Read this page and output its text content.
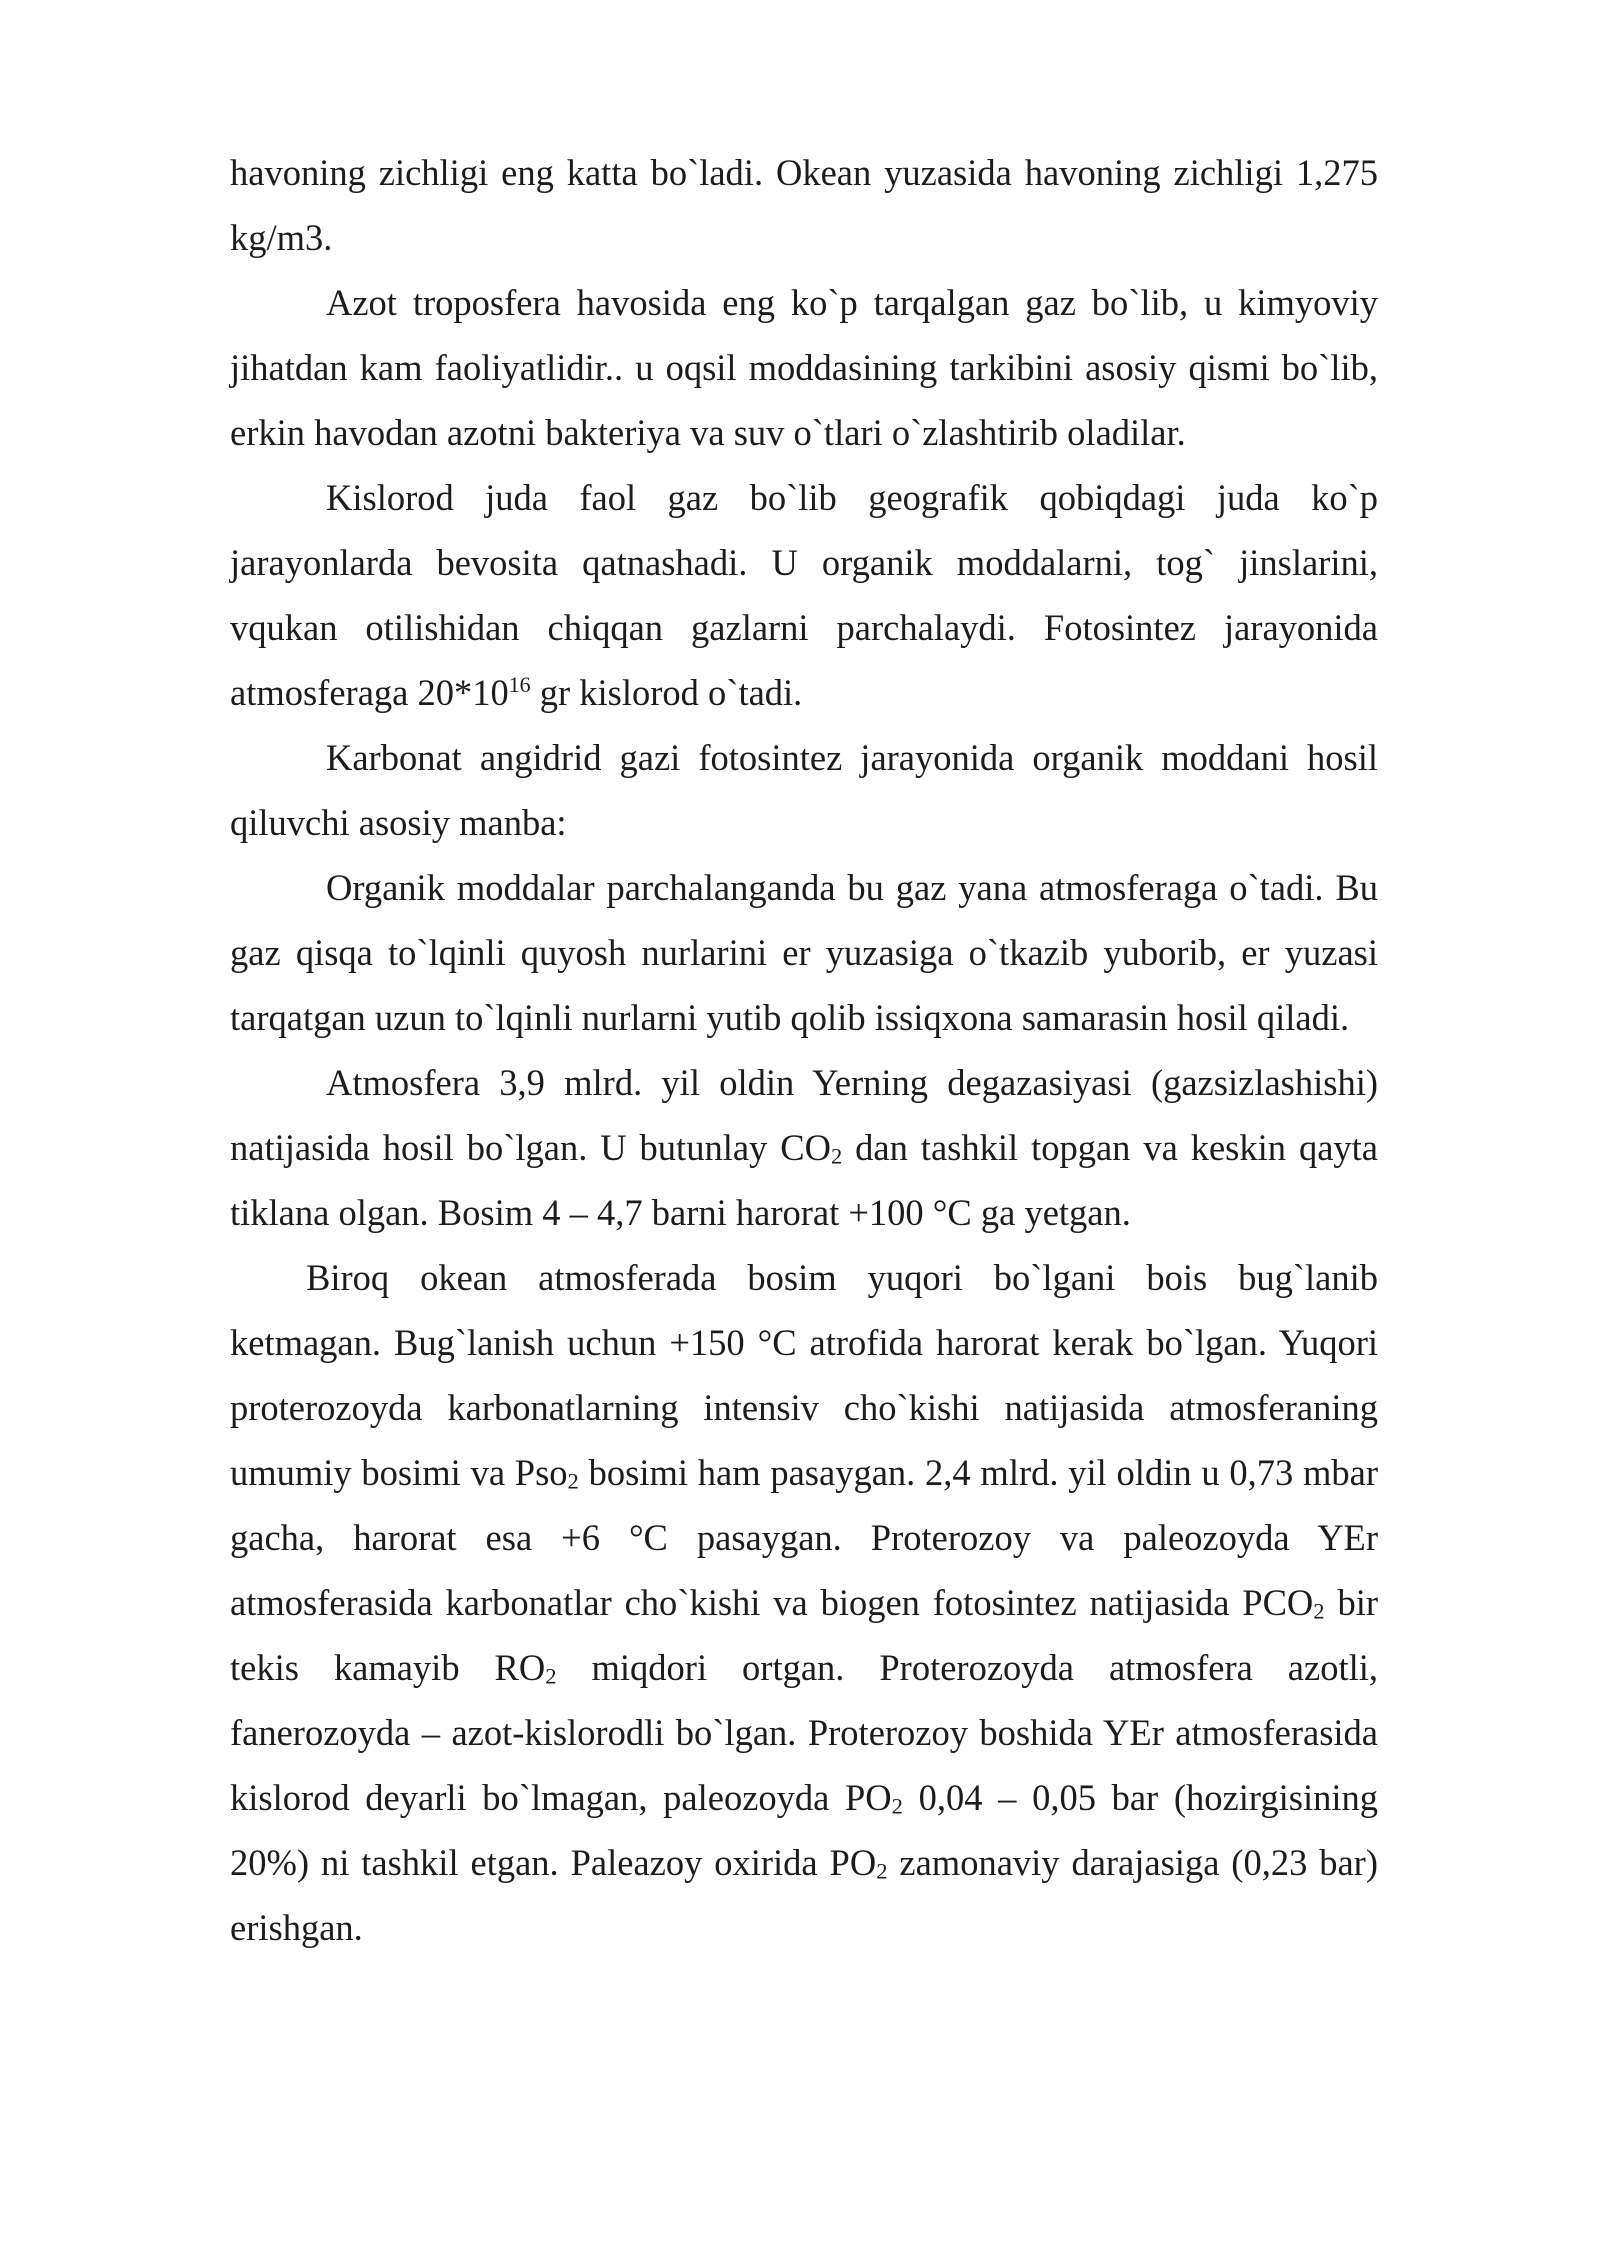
havoning zichligi eng katta bo`ladi. Okean yuzasida havoning zichligi 1,275 kg/m3.

Azot troposfera havosida eng ko`p tarqalgan gaz bo`lib, u kimyoviy jihatdan kam faoliyatlidir.. u oqsil moddasining tarkibini asosiy qismi bo`lib, erkin havodan azotni bakteriya va suv o`tlari o`zlashtirib oladilar.

Kislorod juda faol gaz bo`lib geografik qobiqdagi juda ko`p jarayonlarda bevosita qatnashadi. U organik moddalarni, tog` jinslarini, vqukan otilishidan chiqqan gazlarni parchalaydi. Fotosintez jarayonida atmosferaga $20*10^{16}$ gr kislorod o`tadi.

Karbonat angidrid gazi fotosintez jarayonida organik moddani hosil qiluvchi asosiy manba:

Organik moddalar parchalanganda bu gaz yana atmosferaga o`tadi. Bu gaz qisqa to`lqinli quyosh nurlarini er yuzasiga o`tkazib yuborib, er yuzasi tarqatgan uzun to`lqinli nurlarni yutib qolib issiqxona samarasin hosil qiladi.

Atmosfera 3,9 mlrd. yil oldin Yerning degazasiyasi (gazsizlashishi) natijasida hosil bo`lgan. U butunlay $CO_2$ dan tashkil topgan va keskin qayta tiklana olgan. Bosim 4 – 4,7 barni harorat +100 °C ga yetgan.

Biroq okean atmosferada bosim yuqori bo`lgani bois bug`lanib ketmagan. Bug`lanish uchun +150 °C atrofida harorat kerak bo`lgan. Yuqori proterozoyda karbonatlarning intensiv cho`kishi natijasida atmosferaning umumiy bosimi va Pso$_2$ bosimi ham pasaygan. 2,4 mlrd. yil oldin u 0,73 mbar gacha, harorat esa +6 °C pasaygan. Proterozoy va paleozoyda YEr atmosferasida karbonatlar cho`kishi va biogen fotosintez natijasida $PCO_2$ bir tekis kamayib $RO_2$ miqdori ortgan. Proterozoyda atmosfera azotli, fanerozoyda – azot-kislorodli bo`lgan. Proterozoy boshida YEr atmosferasida kislorod deyarli bo`lmagan, paleozoyda $PO_2$ 0,04 – 0,05 bar (hozirgisining 20%) ni tashkil etgan. Paleazoy oxirida $PO_2$ zamonaviy darajasiga (0,23 bar) erishgan.
